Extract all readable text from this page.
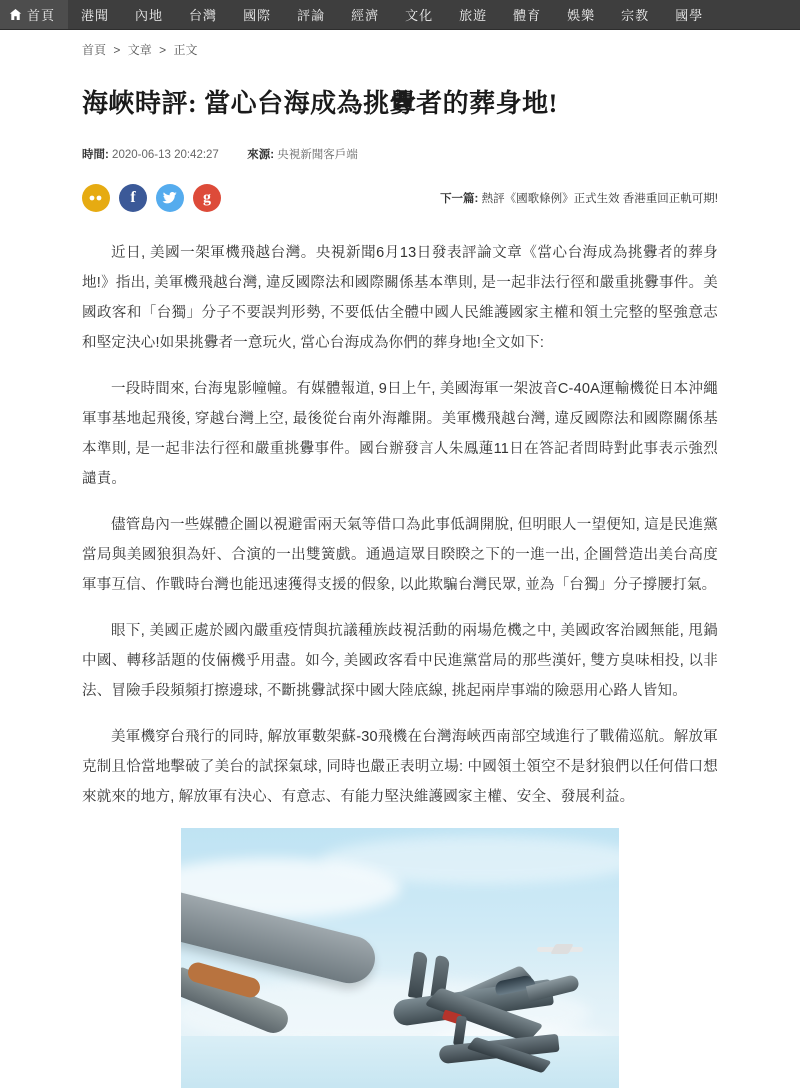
首頁 港聞 內地 台灣 國際 評論 經濟 文化 旅遊 體育 娛樂 宗教 國學
首頁 > 文章 > 正文
海峽時評: 當心台海成為挑釁者的葬身地!
時間: 2020-06-13 20:42:27 來源: 央視新聞客戶端
f	g	下一篇: 熱評《國歌條例》正式生效 香港重回正軌可期!

近日, 美國一架軍機飛越台灣。央視新聞6月13日發表評論文章《當心台海成為挑釁者的葬身地!》指出, 美軍機飛越台灣, 違反國際法和國際關係基本準則, 是一起非法行徑和嚴重挑釁事件。美國政客和「台獨」分子不要誤判形勢, 不要低估全體中國人民維護國家主權和領土完整的堅強意志和堅定決心!如果挑釁者一意玩火, 當心台海成為你們的葬身地!全文如下:

一段時間來, 台海鬼影幢幢。有媒體報道, 9日上午, 美國海軍一架波音C-40A運輸機從日本沖繩軍事基地起飛後, 穿越台灣上空, 最後從台南外海離開。美軍機飛越台灣, 違反國際法和國際關係基本準則, 是一起非法行徑和嚴重挑釁事件。國台辦發言人朱鳳蓮11日在答記者問時對此事表示強烈譴責。

儘管島內一些媒體企圖以視避雷兩天氣等借口為此事低調開脫, 但明眼人一望便知, 這是民進黨當局與美國狼狽為奸、合演的一出雙簧戲。通過這眾目睽睽之下的一進一出, 企圖營造出美台高度軍事互信、作戰時台灣也能迅速獲得支援的假象, 以此欺騙台灣民眾, 並為「台獨」分子撐腰打氣。

眼下, 美國正處於國內嚴重疫情與抗議種族歧視活動的兩場危機之中, 美國政客治國無能, 甩鍋中國、轉移話題的伎倆機乎用盡。如今, 美國政客看中民進黨當局的那些漢奸, 雙方臭味相投, 以非法、冒險手段頻頻打擦邊球, 不斷挑釁試探中國大陸底線, 挑起兩岸事端的險惡用心路人皆知。

美軍機穿台飛行的同時, 解放軍數架蘇-30飛機在台灣海峽西南部空域進行了戰備巡航。解放軍克制且恰當地擊破了美台的試探氣球, 同時也嚴正表明立場: 中國領土領空不是豺狼們以任何借口想來就來的地方, 解放軍有決心、有意志、有能力堅決維護國家主權、安全、發展利益。
